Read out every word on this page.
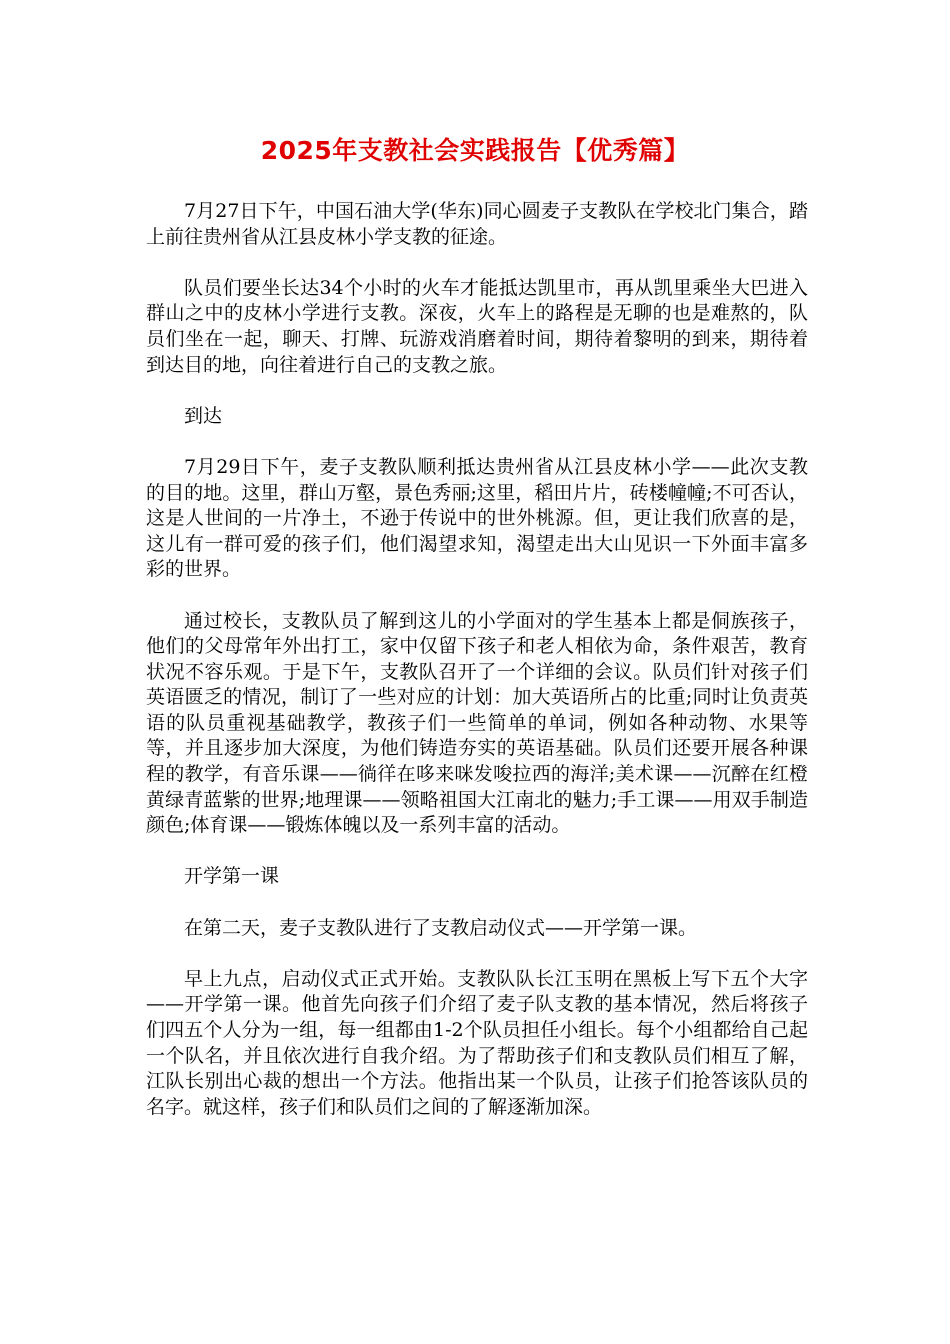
2025年支教社会实践报告【优秀篇】

7月27日下午，中国石油大学(华东)同心圆麦子支教队在学校北门集合，踏上前往贵州省从江县皮林小学支教的征途。

队员们要坐长达34个小时的火车才能抵达凯里市，再从凯里乘坐大巴进入群山之中的皮林小学进行支教。深夜，火车上的路程是无聊的也是难熬的，队员们坐在一起，聊天、打牌、玩游戏消磨着时间，期待着黎明的到来，期待着到达目的地，向往着进行自己的支教之旅。

到达

7月29日下午，麦子支教队顺利抵达贵州省从江县皮林小学——此次支教的目的地。这里，群山万壑，景色秀丽;这里，稻田片片，砖楼幢幢;不可否认，这是人世间的一片净土，不逊于传说中的世外桃源。但，更让我们欣喜的是，这儿有一群可爱的孩子们，他们渴望求知，渴望走出大山见识一下外面丰富多彩的世界。

通过校长，支教队员了解到这儿的小学面对的学生基本上都是侗族孩子，他们的父母常年外出打工，家中仅留下孩子和老人相依为命，条件艰苦，教育状况不容乐观。于是下午，支教队召开了一个详细的会议。队员们针对孩子们英语匮乏的情况，制订了一些对应的计划：加大英语所占的比重;同时让负责英语的队员重视基础教学，教孩子们一些简单的单词，例如各种动物、水果等等，并且逐步加大深度，为他们铸造夯实的英语基础。队员们还要开展各种课程的教学，有音乐课——徜徉在哆来咪发唆拉西的海洋;美术课——沉醉在红橙黄绿青蓝紫的世界;地理课——领略祖国大江南北的魅力;手工课——用双手制造颜色;体育课——锻炼体魄以及一系列丰富的活动。

开学第一课

在第二天，麦子支教队进行了支教启动仪式——开学第一课。

早上九点，启动仪式正式开始。支教队队长江玉明在黑板上写下五个大字——开学第一课。他首先向孩子们介绍了麦子队支教的基本情况，然后将孩子们四五个人分为一组，每一组都由1-2个队员担任小组长。每个小组都给自己起一个队名，并且依次进行自我介绍。为了帮助孩子们和支教队员们相互了解，江队长别出心裁的想出一个方法。他指出某一个队员，让孩子们抢答该队员的名字。就这样，孩子们和队员们之间的了解逐渐加深。
